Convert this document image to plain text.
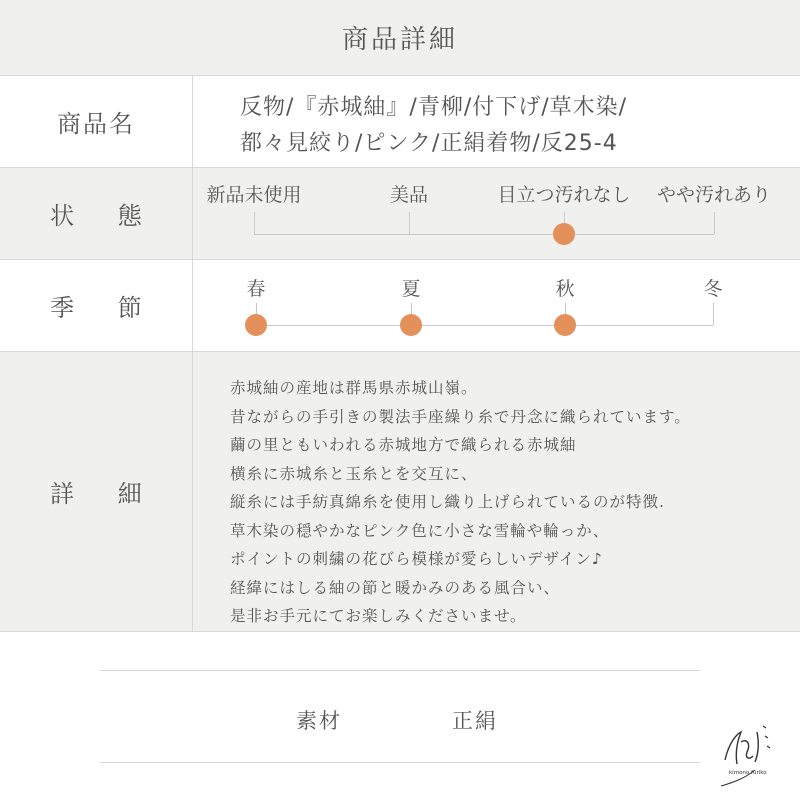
商品詳細
商品名
反物/『赤城紬』/青柳/付下げ/草木染/
都々見絞り/ピンク/正絹着物/反25-4
状 態
新品未使用	美品	目立つ汚れなし やや汚れあり
季 節
春	夏	秋	冬
詳 細
赤城紬の産地は群馬県赤城山嶺。
昔ながらの手引きの製法手座繰り糸で丹念に織られています。
繭の里ともいわれる赤城地方で織られる赤城紬
横糸に赤城糸と玉糸とを交互に、
縦糸には手紡真綿糸を使用し織り上げられているのが特徴.
草木染の穏やかなピンク色に小さな雪輪や輪っか、
ポイントの刺繍の花びら模様が愛らしいデザイン♪
経緯にはしる紬の節と暖かみのある風合い、
是非お手元にてお楽しみくださいませ。
素材	正絹
kimono furiko
